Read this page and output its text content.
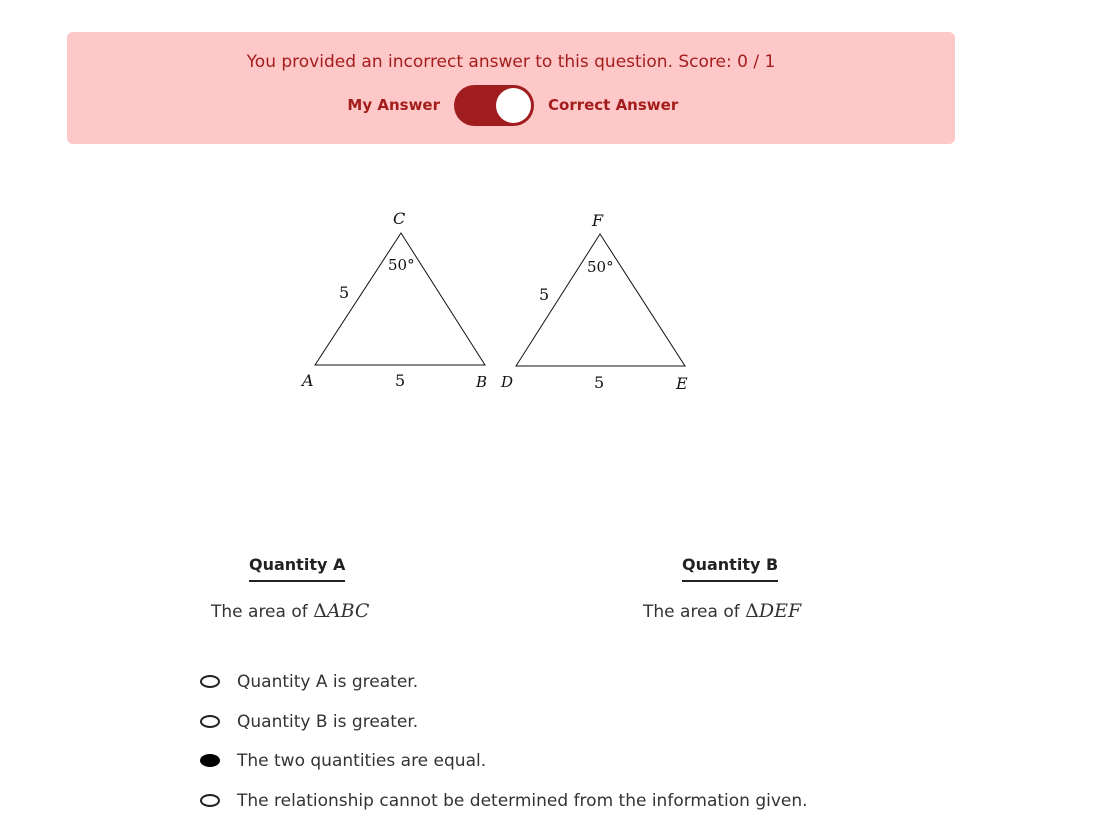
You provided an incorrect answer to this question. Score: 0 / 1
My Answer	Correct Answer
C
50°
5
A	5	B
F
50°
5
D	5	E
Quantity A	Quantity B
The area of ΔABC	The area of ΔDEF
Quantity A is greater.
Quantity B is greater.
The two quantities are equal.
The relationship cannot be determined from the information given.
